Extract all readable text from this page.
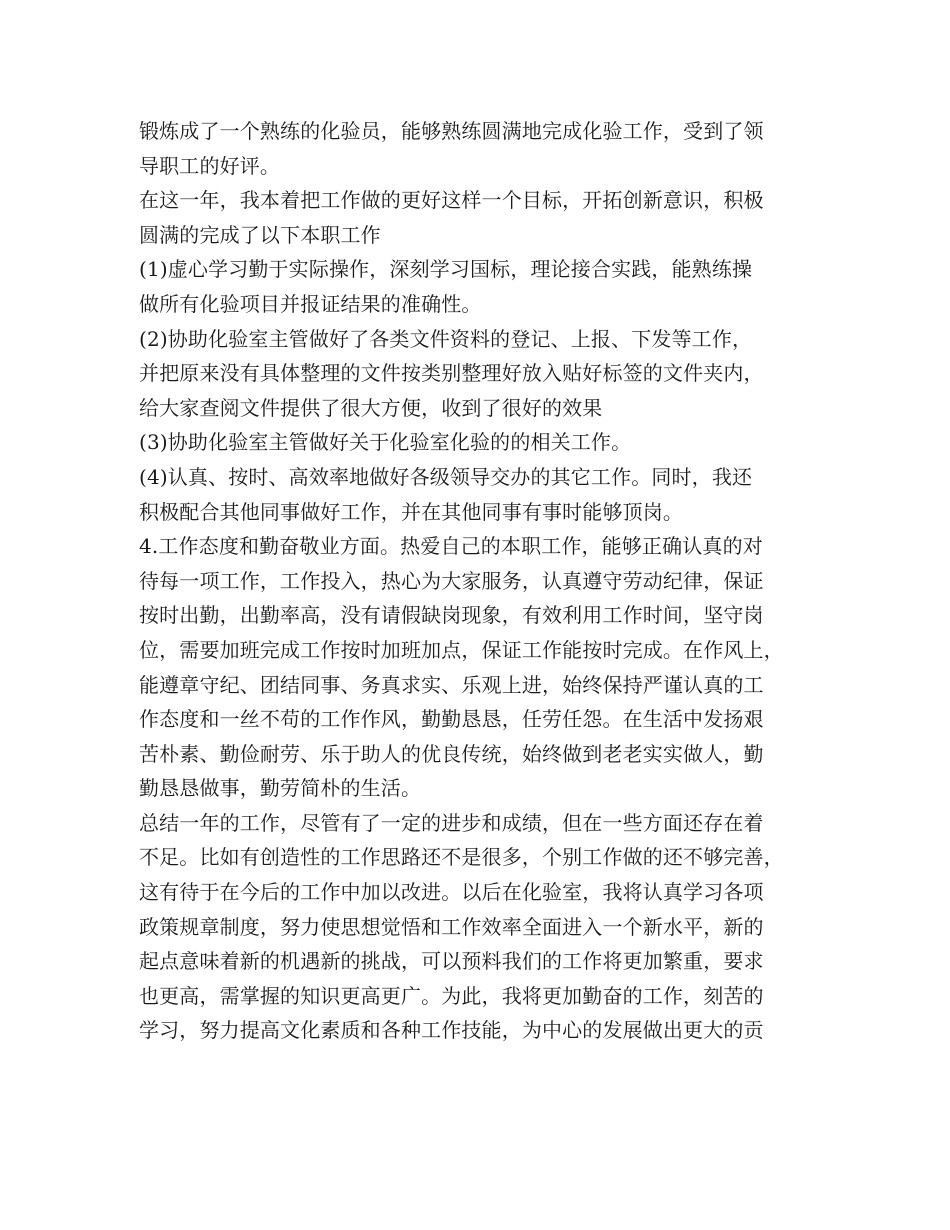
锻炼成了一个熟练的化验员，能够熟练圆满地完成化验工作，受到了领
导职工的好评。
在这一年，我本着把工作做的更好这样一个目标，开拓创新意识，积极
圆满的完成了以下本职工作
(1)虚心学习勤于实际操作，深刻学习国标，理论接合实践，能熟练操
做所有化验项目并报证结果的准确性。
(2)协助化验室主管做好了各类文件资料的登记、上报、下发等工作，
并把原来没有具体整理的文件按类别整理好放入贴好标签的文件夹内，
给大家查阅文件提供了很大方便，收到了很好的效果
(3)协助化验室主管做好关于化验室化验的的相关工作。
(4)认真、按时、高效率地做好各级领导交办的其它工作。同时，我还
积极配合其他同事做好工作，并在其他同事有事时能够顶岗。
4.工作态度和勤奋敬业方面。热爱自己的本职工作，能够正确认真的对
待每一项工作，工作投入，热心为大家服务，认真遵守劳动纪律，保证
按时出勤，出勤率高，没有请假缺岗现象，有效利用工作时间，坚守岗
位，需要加班完成工作按时加班加点，保证工作能按时完成。在作风上，
能遵章守纪、团结同事、务真求实、乐观上进，始终保持严谨认真的工
作态度和一丝不苟的工作作风，勤勤恳恳，任劳任怨。在生活中发扬艰
苦朴素、勤俭耐劳、乐于助人的优良传统，始终做到老老实实做人，勤
勤恳恳做事，勤劳简朴的生活。
总结一年的工作，尽管有了一定的进步和成绩，但在一些方面还存在着
不足。比如有创造性的工作思路还不是很多，个别工作做的还不够完善，
这有待于在今后的工作中加以改进。以后在化验室，我将认真学习各项
政策规章制度，努力使思想觉悟和工作效率全面进入一个新水平，新的
起点意味着新的机遇新的挑战，可以预料我们的工作将更加繁重，要求
也更高，需掌握的知识更高更广。为此，我将更加勤奋的工作，刻苦的
学习，努力提高文化素质和各种工作技能，为中心的发展做出更大的贡
